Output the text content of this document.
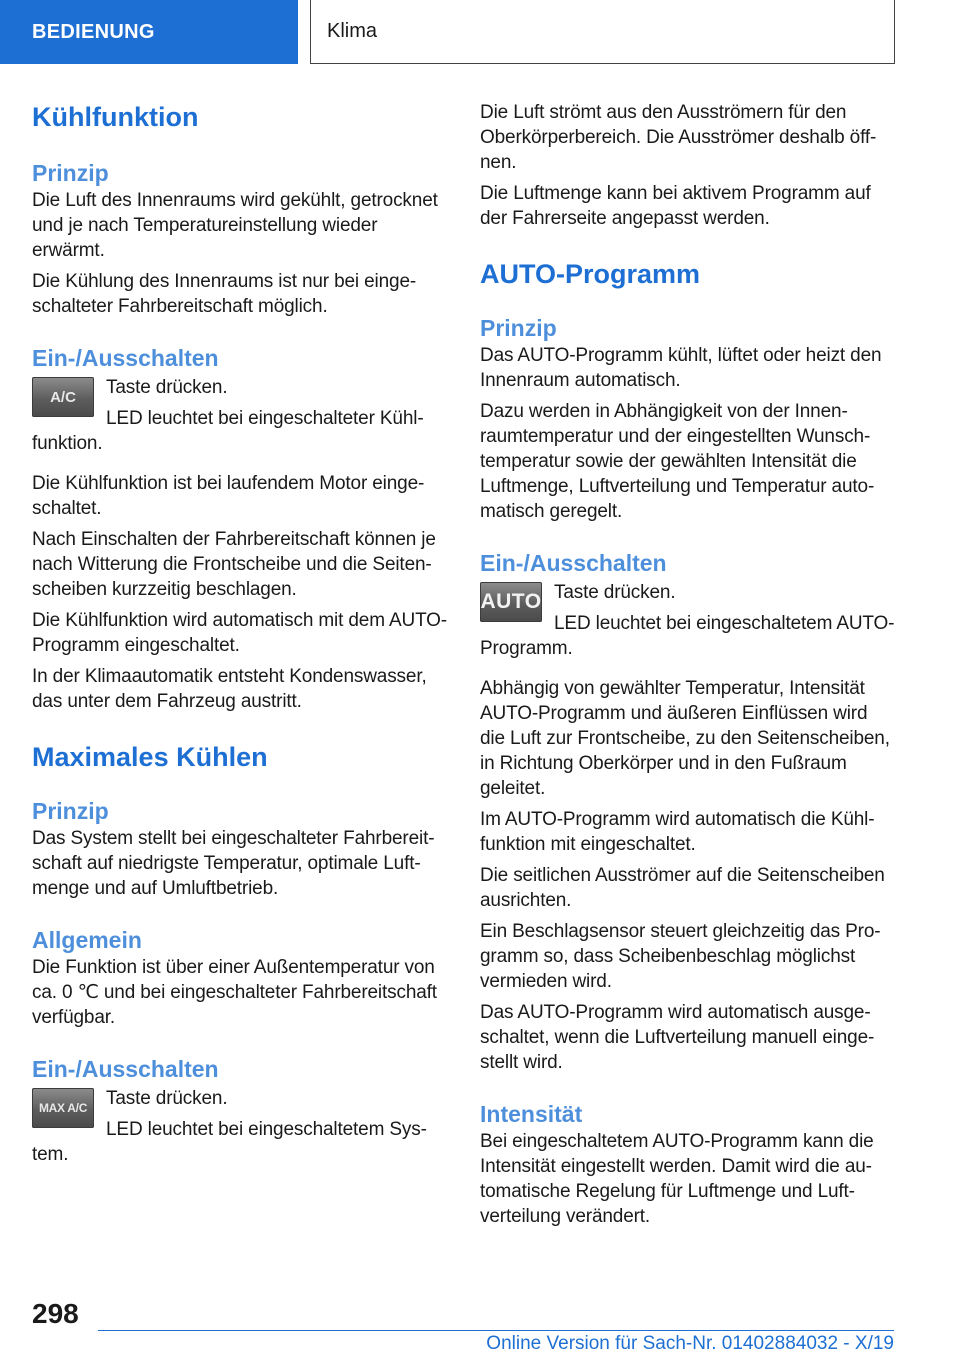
BEDIENUNG	Klima
Kühlfunktion
Prinzip

Die Luft des Innenraums wird gekühlt, getrocknet und je nach Temperatureinstellung wieder erwärmt.

Die Kühlung des Innenraums ist nur bei eingeschalteter Fahrbereitschaft möglich.

Ein-/Ausschalten
A/C	Taste drücken.

LED leuchtet bei eingeschalteter Kühlfunktion.

Die Kühlfunktion ist bei laufendem Motor eingeschaltet.

Nach Einschalten der Fahrbereitschaft können je nach Witterung die Frontscheibe und die Seitenscheiben kurzzeitig beschlagen.

Die Kühlfunktion wird automatisch mit dem AUTO-Programm eingeschaltet.

In der Klimaautomatik entsteht Kondenswasser, das unter dem Fahrzeug austritt.

Maximales Kühlen
Prinzip

Das System stellt bei eingeschalteter Fahrbereitschaft auf niedrigste Temperatur, optimale Luftmenge und auf Umluftbetrieb.

Allgemein

Die Funktion ist über einer Außentemperatur von ca. 0 ℃ und bei eingeschalteter Fahrbereitschaft verfügbar.

Ein-/Ausschalten
MAX A/C Taste drücken.

LED leuchtet bei eingeschaltetem System.

Die Luft strömt aus den Ausströmern für den Oberkörperbereich. Die Ausströmer deshalb öffnen.

Die Luftmenge kann bei aktivem Programm auf der Fahrerseite angepasst werden.

AUTO-Programm
Prinzip

Das AUTO-Programm kühlt, lüftet oder heizt den Innenraum automatisch.

Dazu werden in Abhängigkeit von der Innenraumtemperatur und der eingestellten Wunschtemperatur sowie der gewählten Intensität die Luftmenge, Luftverteilung und Temperatur automatisch geregelt.

Ein-/Ausschalten
AUTO Taste drücken.

LED leuchtet bei eingeschaltetem AUTO-Programm.

Abhängig von gewählter Temperatur, Intensität AUTO-Programm und äußeren Einflüssen wird die Luft zur Frontscheibe, zu den Seitenscheiben, in Richtung Oberkörper und in den Fußraum geleitet.

Im AUTO-Programm wird automatisch die Kühlfunktion mit eingeschaltet.

Die seitlichen Ausströmer auf die Seitenscheiben ausrichten.

Ein Beschlagsensor steuert gleichzeitig das Programm so, dass Scheibenbeschlag möglichst vermieden wird.

Das AUTO-Programm wird automatisch ausgeschaltet, wenn die Luftverteilung manuell eingestellt wird.

Intensität

Bei eingeschaltetem AUTO-Programm kann die Intensität eingestellt werden. Damit wird die automatische Regelung für Luftmenge und Luftverteilung verändert.

298
Online Version für Sach-Nr. 01402884032 - X/19
